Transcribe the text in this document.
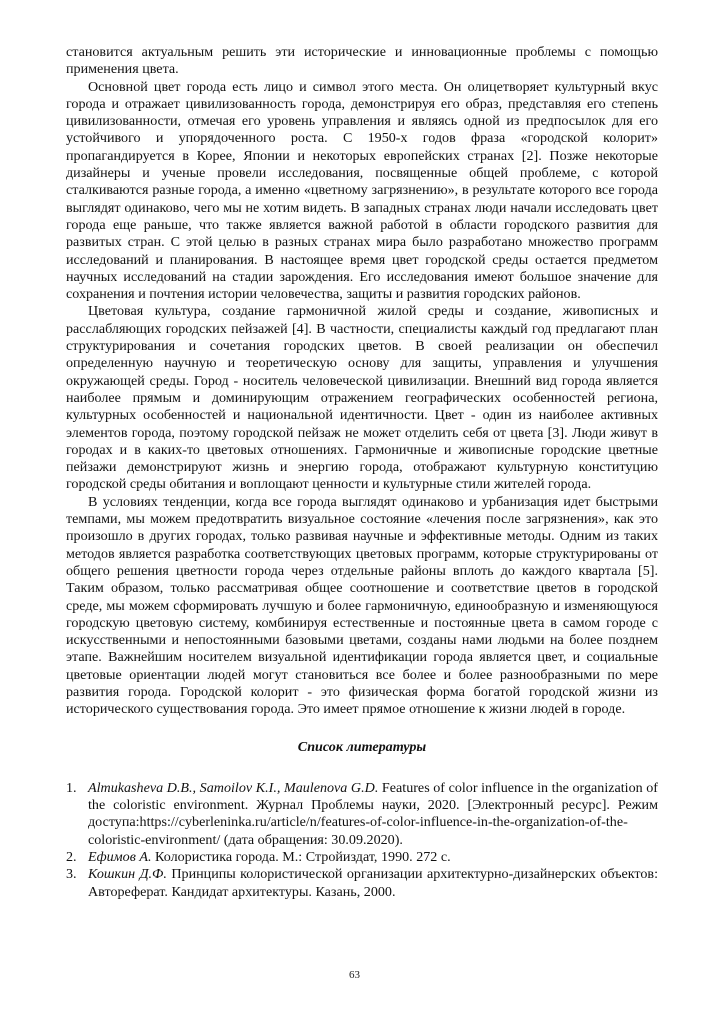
становится актуальным решить эти исторические и инновационные проблемы с помощью применения цвета.

Основной цвет города есть лицо и символ этого места. Он олицетворяет культурный вкус города и отражает цивилизованность города, демонстрируя его образ, представляя его степень цивилизованности, отмечая его уровень управления и являясь одной из предпосылок для его устойчивого и упорядоченного роста. С 1950-х годов фраза «городской колорит» пропагандируется в Корее, Японии и некоторых европейских странах [2]. Позже некоторые дизайнеры и ученые провели исследования, посвященные общей проблеме, с которой сталкиваются разные города, а именно «цветному загрязнению», в результате которого все города выглядят одинаково, чего мы не хотим видеть. В западных странах люди начали исследовать цвет города еще раньше, что также является важной работой в области городского развития для развитых стран. С этой целью в разных странах мира было разработано множество программ исследований и планирования. В настоящее время цвет городской среды остается предметом научных исследований на стадии зарождения. Его исследования имеют большое значение для сохранения и почтения истории человечества, защиты и развития городских районов.

Цветовая культура, создание гармоничной жилой среды и создание, живописных и расслабляющих городских пейзажей [4]. В частности, специалисты каждый год предлагают план структурирования и сочетания городских цветов. В своей реализации он обеспечил определенную научную и теоретическую основу для защиты, управления и улучшения окружающей среды. Город - носитель человеческой цивилизации. Внешний вид города является наиболее прямым и доминирующим отражением географических особенностей региона, культурных особенностей и национальной идентичности. Цвет - один из наиболее активных элементов города, поэтому городской пейзаж не может отделить себя от цвета [3]. Люди живут в городах и в каких-то цветовых отношениях. Гармоничные и живописные городские цветные пейзажи демонстрируют жизнь и энергию города, отображают культурную конституцию городской среды обитания и воплощают ценности и культурные стили жителей города.

В условиях тенденции, когда все города выглядят одинаково и урбанизация идет быстрыми темпами, мы можем предотвратить визуальное состояние «лечения после загрязнения», как это произошло в других городах, только развивая научные и эффективные методы. Одним из таких методов является разработка соответствующих цветовых программ, которые структурированы от общего решения цветности города через отдельные районы вплоть до каждого квартала [5]. Таким образом, только рассматривая общее соотношение и соответствие цветов в городской среде, мы можем сформировать лучшую и более гармоничную, единообразную и изменяющуюся городскую цветовую систему, комбинируя естественные и постоянные цвета в самом городе с искусственными и непостоянными базовыми цветами, созданы нами людьми на более позднем этапе. Важнейшим носителем визуальной идентификации города является цвет, и социальные цветовые ориентации людей могут становиться все более и более разнообразными по мере развития города. Городской колорит - это физическая форма богатой городской жизни из исторического существования города. Это имеет прямое отношение к жизни людей в городе.

Список литературы
1. Almukasheva D.B., Samoilov K.I., Maulenova G.D. Features of color influence in the organization of the coloristic environment. Журнал Проблемы науки, 2020. [Электронный ресурс]. Режим доступа:https://cyberleninka.ru/article/n/features-of-color-influence-in-the-organization-of-the-coloristic-environment/ (дата обращения: 30.09.2020).
2. Ефимов А. Колористика города. М.: Стройиздат, 1990. 272 с.
3. Кошкин Д.Ф. Принципы колористической организации архитектурно-дизайнерских объектов: Автореферат. Кандидат архитектуры. Казань, 2000.
63
